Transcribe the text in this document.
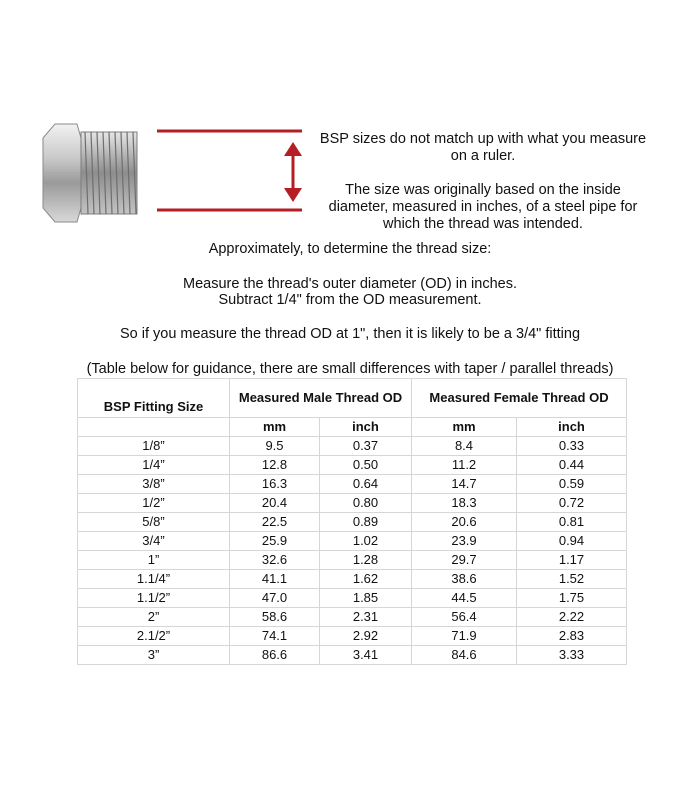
BSP sizes do not match up with what you measure on a ruler.

The size was originally based on the inside diameter, measured in inches, of a steel pipe for which the thread was intended.

Approximately, to determine the thread size:

Measure the thread's outer diameter (OD) in inches.

Subtract 1/4" from the OD measurement.

So if you measure the thread OD at 1", then it is likely to be a 3/4" fitting

(Table below for guidance, there are small differences with taper / parallel threads)

BSP Fitting Size	Measured Male Thread OD		Measured Female Thread OD	
	mm	inch	mm	inch
1/8”	9.5	0.37	8.4	0.33
1/4”	12.8	0.50	11.2	0.44
3/8”	16.3	0.64	14.7	0.59
1/2”	20.4	0.80	18.3	0.72
5/8”	22.5	0.89	20.6	0.81
3/4”	25.9	1.02	23.9	0.94
1”	32.6	1.28	29.7	1.17
1.1/4”	41.1	1.62	38.6	1.52
1.1/2”	47.0	1.85	44.5	1.75
2”	58.6	2.31	56.4	2.22
2.1/2”	74.1	2.92	71.9	2.83
3”	86.6	3.41	84.6	3.33
